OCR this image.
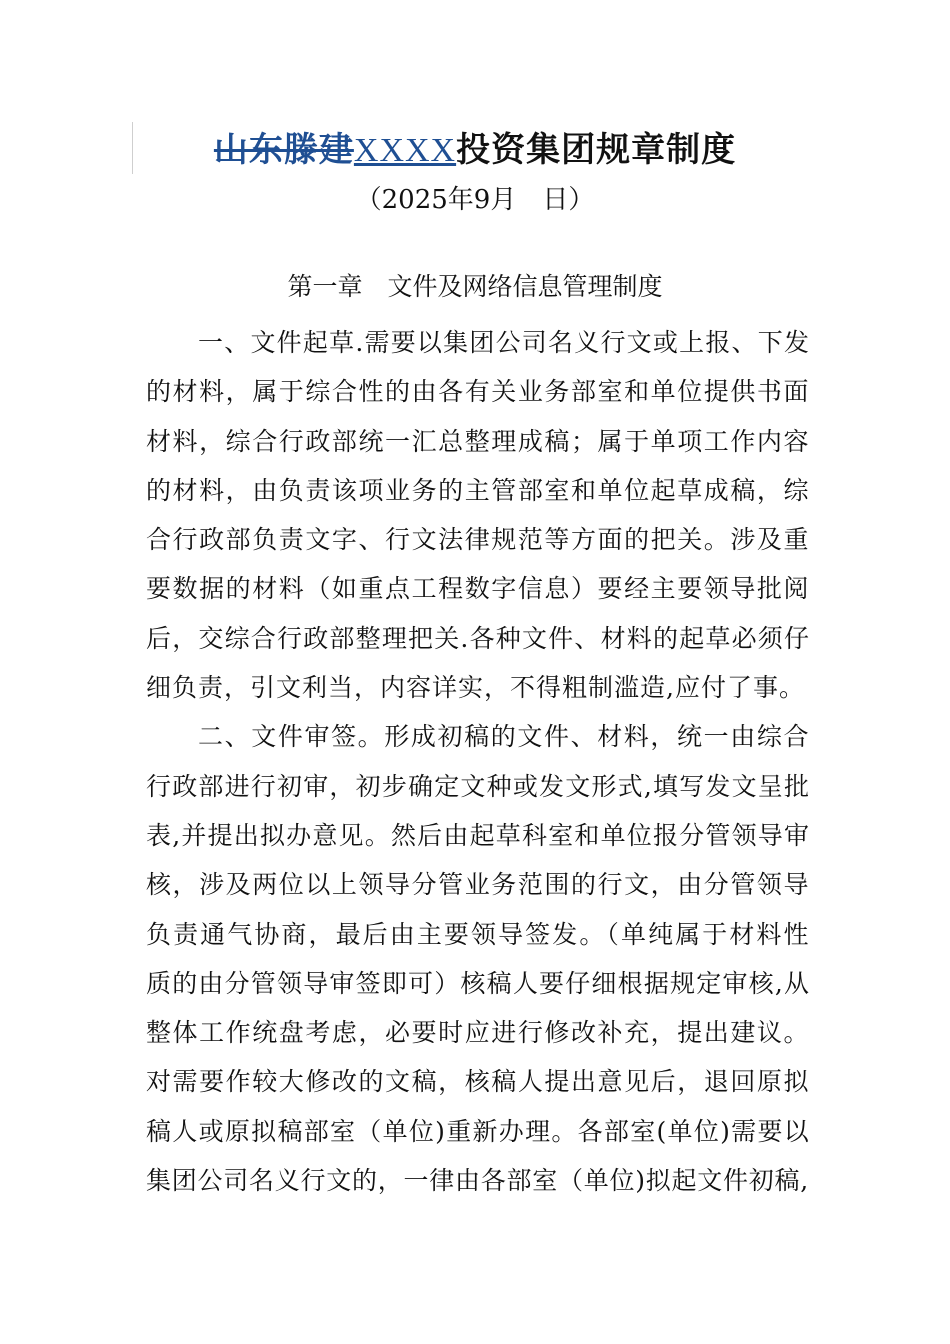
山东滕建XXXX投资集团规章制度
（2025年9月　日）
第一章　文件及网络信息管理制度
一、文件起草.需要以集团公司名义行文或上报、下发
的材料，属于综合性的由各有关业务部室和单位提供书面
材料，综合行政部统一汇总整理成稿；属于单项工作内容
的材料，由负责该项业务的主管部室和单位起草成稿，综
合行政部负责文字、行文法律规范等方面的把关。涉及重
要数据的材料（如重点工程数字信息）要经主要领导批阅
后，交综合行政部整理把关.各种文件、材料的起草必须仔
细负责，引文利当，内容详实，不得粗制滥造,应付了事。
二、文件审签。形成初稿的文件、材料，统一由综合
行政部进行初审，初步确定文种或发文形式,填写发文呈批
表,并提出拟办意见。然后由起草科室和单位报分管领导审
核，涉及两位以上领导分管业务范围的行文，由分管领导
负责通气协商，最后由主要领导签发。（单纯属于材料性
质的由分管领导审签即可）核稿人要仔细根据规定审核,从
整体工作统盘考虑，必要时应进行修改补充，提出建议。
对需要作较大修改的文稿，核稿人提出意见后，退回原拟
稿人或原拟稿部室（单位)重新办理。各部室(单位)需要以
集团公司名义行文的，一律由各部室（单位)拟起文件初稿,
